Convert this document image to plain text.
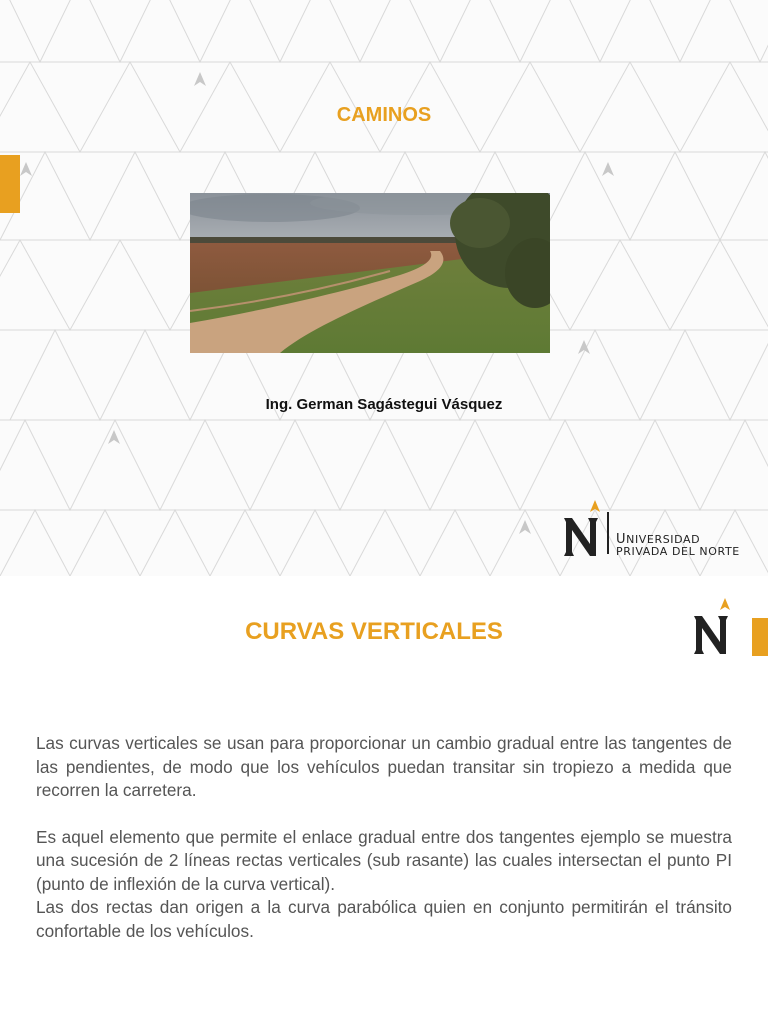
CAMINOS
Ing. German Sagástegui Vásquez
UNIVERSIDAD
PRIVADA DEL NORTE
CURVAS VERTICALES

Las curvas verticales se usan para proporcionar un cambio gradual entre las tangentes de las pendientes, de modo que los vehículos puedan transitar sin tropiezo a medida que recorren la carretera.

Es aquel elemento que permite el enlace gradual entre dos tangentes ejemplo se muestra una sucesión de 2 líneas rectas verticales (sub rasante) las cuales intersectan el punto PI (punto de inflexión de la curva vertical).

Las dos rectas dan origen a la curva parabólica quien en conjunto permitirán el tránsito confortable de los vehículos.
